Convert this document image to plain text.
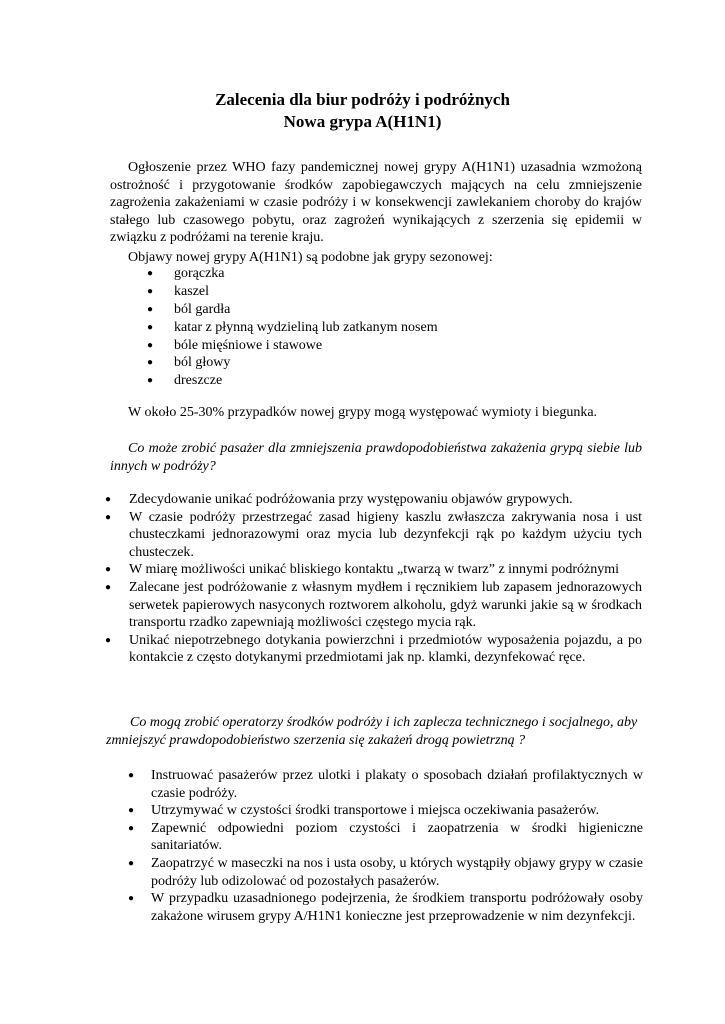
Zalecenia dla biur podróży i podróżnych
Nowa grypa A(H1N1)

Ogłoszenie przez WHO fazy pandemicznej nowej grypy A(H1N1) uzasadnia wzmożoną ostrożność i przygotowanie środków zapobiegawczych mających na celu zmniejszenie zagrożenia zakażeniami w czasie podróży i w konsekwencji zawlekaniem choroby do krajów stałego lub czasowego pobytu, oraz zagrożeń wynikających z szerzenia się epidemii w związku z podróżami na terenie kraju.

Objawy nowej grypy A(H1N1) są podobne jak grypy sezonowej:
● gorączka
● kaszel
● ból gardła
● katar z płynną wydzieliną lub zatkanym nosem
● bóle mięśniowe i stawowe
● ból głowy
● dreszcze
W około 25-30% przypadków nowej grypy mogą występować wymioty i biegunka.
Co może zrobić pasażer dla zmniejszenia prawdopodobieństwa zakażenia grypą siebie lub innych w podróży?
● Zdecydowanie unikać podróżowania przy występowaniu objawów grypowych.
● W czasie podróży przestrzegać zasad higieny kaszlu zwłaszcza zakrywania nosa i ust chusteczkami jednorazowymi oraz mycia lub dezynfekcji rąk po każdym użyciu tych chusteczek.
● W miarę możliwości unikać bliskiego kontaktu „twarzą w twarz” z innymi podróżnymi
● Zalecane jest podróżowanie z własnym mydłem i ręcznikiem lub zapasem jednorazowych serwetek papierowych nasyconych roztworem alkoholu, gdyż warunki jakie są w środkach transportu rzadko zapewniają możliwości częstego mycia rąk.
● Unikać niepotrzebnego dotykania powierzchni i przedmiotów wyposażenia pojazdu, a po kontakcie z często dotykanymi przedmiotami jak np. klamki, dezynfekować ręce.
Co mogą zrobić operatorzy środków podróży i ich zaplecza technicznego i socjalnego, aby zmniejszyć prawdopodobieństwo szerzenia się zakażeń drogą powietrzną ?
● Instruować pasażerów przez ulotki i plakaty o sposobach działań profilaktycznych w czasie podróży.
● Utrzymywać w czystości środki transportowe i miejsca oczekiwania pasażerów.
● Zapewnić odpowiedni poziom czystości i zaopatrzenia w środki higieniczne sanitariatów.
● Zaopatrzyć w maseczki na nos i usta osoby, u których wystąpiły objawy grypy w czasie podróży lub odizolować od pozostałych pasażerów.
● W przypadku uzasadnionego podejrzenia, że środkiem transportu podróżowały osoby zakażone wirusem grypy A/H1N1 konieczne jest przeprowadzenie w nim dezynfekcji.
